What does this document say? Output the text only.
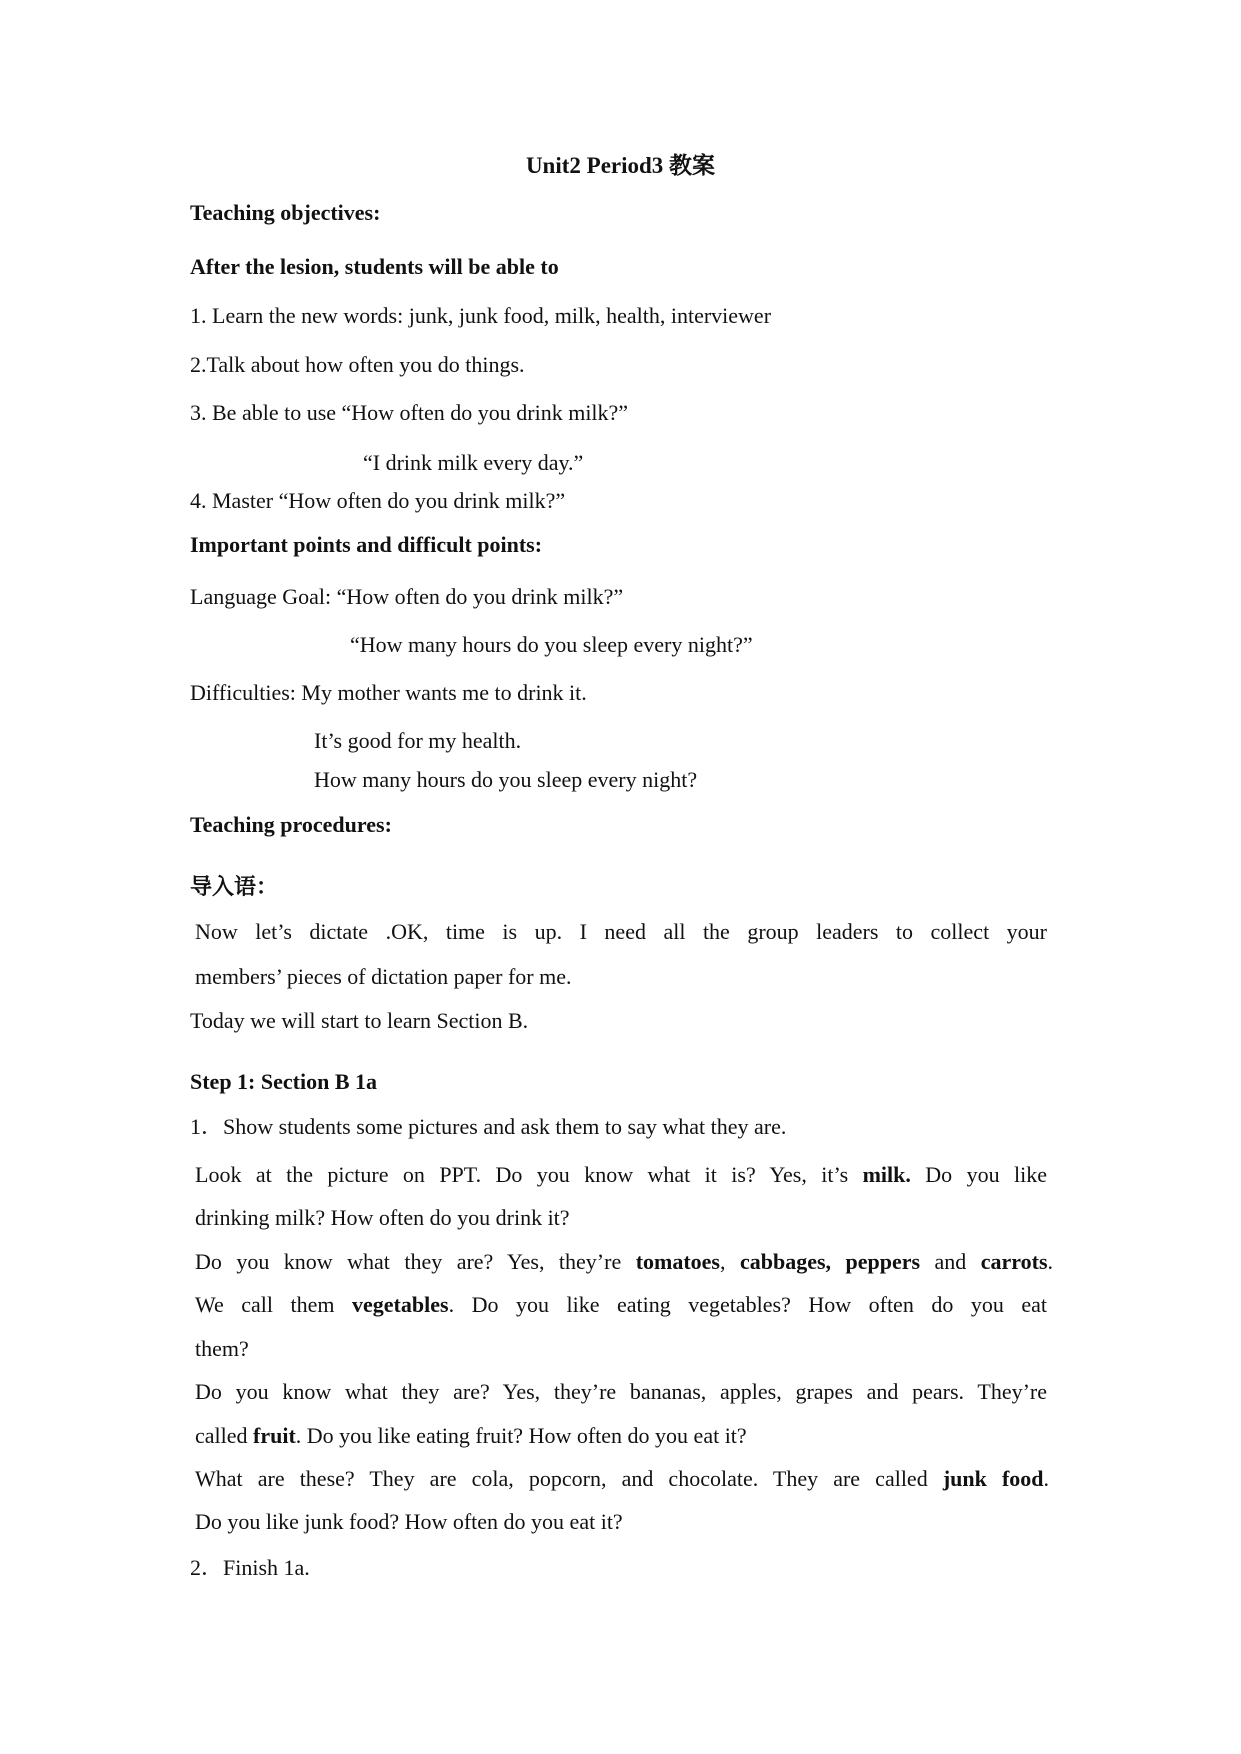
Unit2 Period3 教案
Teaching objectives:
After the lesion, students will be able to
1. Learn the new words: junk, junk food, milk, health, interviewer
2.Talk about how often you do things.
3. Be able to use “How often do you drink milk?”
“I drink milk every day.”
4. Master “How often do you drink milk?”
Important points and difficult points:
Language Goal: “How often do you drink milk?”
“How many hours do you sleep every night?”
Difficulties: My mother wants me to drink it.
It’s good for my health.
How many hours do you sleep every night?
Teaching procedures:
导入语：
Now let’s dictate .OK, time is up. I need all the group leaders to collect your
members’ pieces of dictation paper for me.
Today we will start to learn Section B.
Step 1: Section B 1a
1．Show students some pictures and ask them to say what they are.
Look at the picture on PPT. Do you know what it is? Yes, it’s milk. Do you like
drinking milk? How often do you drink it?
Do you know what they are? Yes, they’re tomatoes, cabbages, peppers and carrots.
We call them vegetables. Do you like eating vegetables? How often do you eat
them?
Do you know what they are? Yes, they’re bananas, apples, grapes and pears. They’re
called fruit. Do you like eating fruit? How often do you eat it?
What are these? They are cola, popcorn, and chocolate. They are called junk food.
Do you like junk food? How often do you eat it?
2．Finish 1a.
